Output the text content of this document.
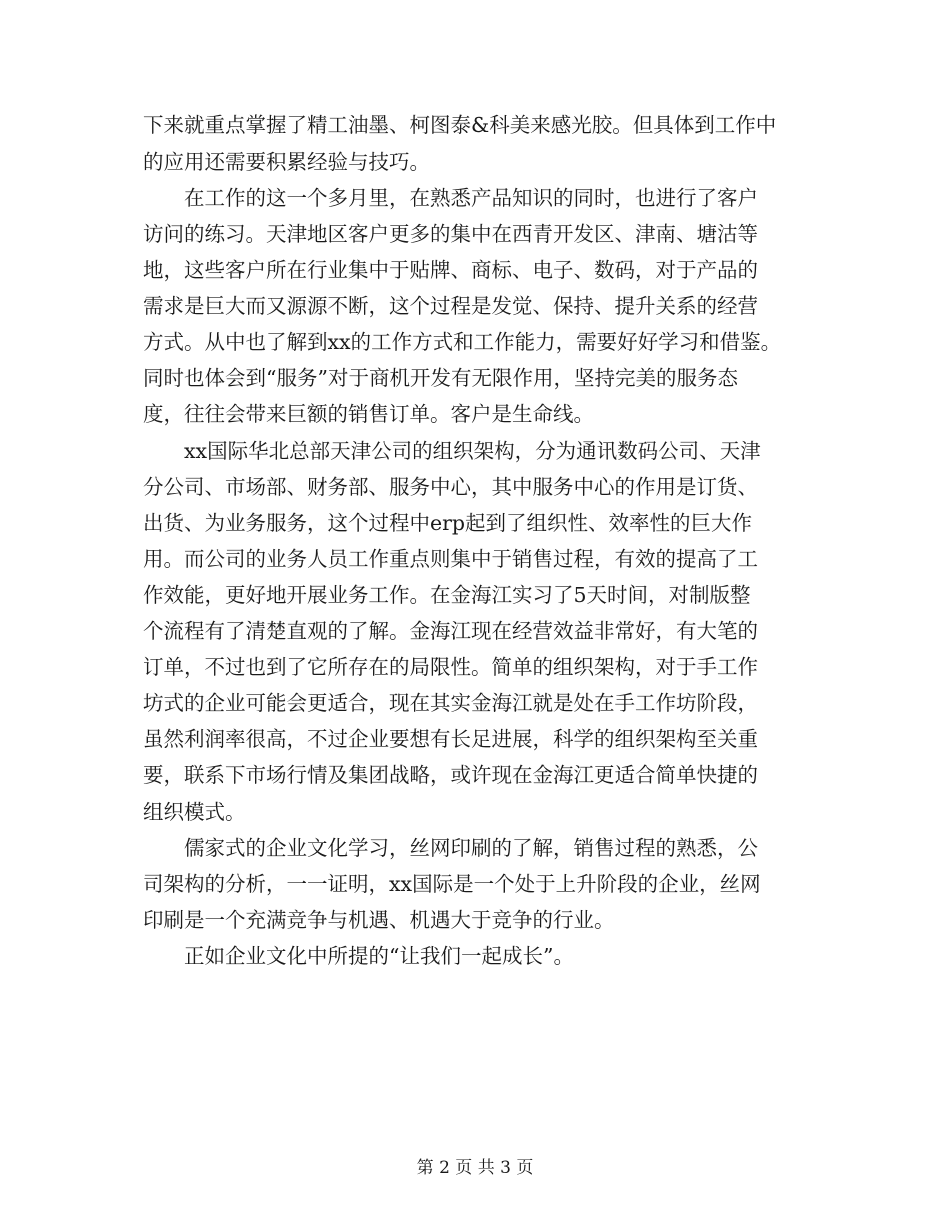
下来就重点掌握了精工油墨、柯图泰&科美来感光胶。但具体到工作中
的应用还需要积累经验与技巧。
在工作的这一个多月里，在熟悉产品知识的同时，也进行了客户
访问的练习。天津地区客户更多的集中在西青开发区、津南、塘沽等
地，这些客户所在行业集中于贴牌、商标、电子、数码，对于产品的
需求是巨大而又源源不断，这个过程是发觉、保持、提升关系的经营
方式。从中也了解到xx的工作方式和工作能力，需要好好学习和借鉴。
同时也体会到“服务”对于商机开发有无限作用，坚持完美的服务态
度，往往会带来巨额的销售订单。客户是生命线。
xx国际华北总部天津公司的组织架构，分为通讯数码公司、天津
分公司、市场部、财务部、服务中心，其中服务中心的作用是订货、
出货、为业务服务，这个过程中erp起到了组织性、效率性的巨大作
用。而公司的业务人员工作重点则集中于销售过程，有效的提高了工
作效能，更好地开展业务工作。在金海江实习了5天时间，对制版整
个流程有了清楚直观的了解。金海江现在经营效益非常好，有大笔的
订单，不过也到了它所存在的局限性。简单的组织架构，对于手工作
坊式的企业可能会更适合，现在其实金海江就是处在手工作坊阶段，
虽然利润率很高，不过企业要想有长足进展，科学的组织架构至关重
要，联系下市场行情及集团战略，或许现在金海江更适合简单快捷的
组织模式。
儒家式的企业文化学习，丝网印刷的了解，销售过程的熟悉，公
司架构的分析，一一证明，xx国际是一个处于上升阶段的企业，丝网
印刷是一个充满竞争与机遇、机遇大于竞争的行业。
正如企业文化中所提的“让我们一起成长”。
第 2 页 共 3 页
